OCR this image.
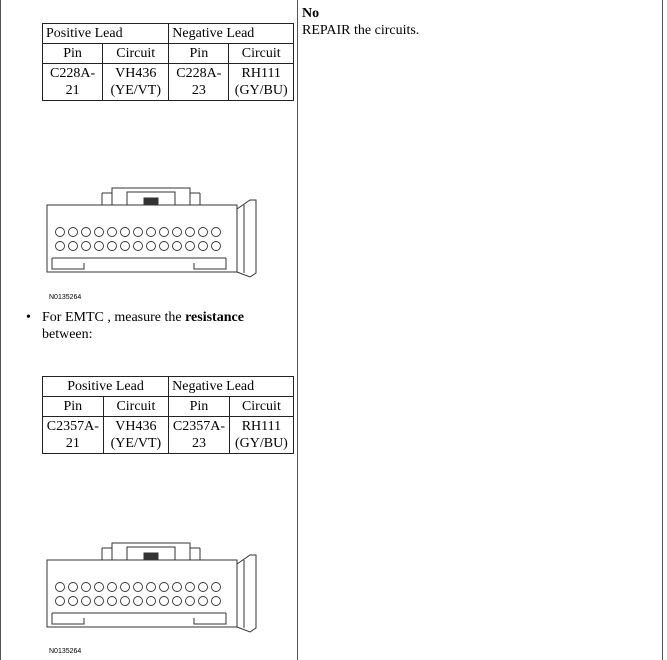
Positive Lead		Negative Lead	
Pin	Circuit	Pin	Circuit
C228A-21	VH436 (YE/VT)	C228A-23	RH111 (GY/BU)
N0135264
• For EMTC , measure the resistance between:
Positive Lead		Negative Lead	
Pin	Circuit	Pin	Circuit
C2357A-21	VH436 (YE/VT)	C2357A-23	RH111 (GY/BU)
N0135264
No
REPAIR the circuits.
